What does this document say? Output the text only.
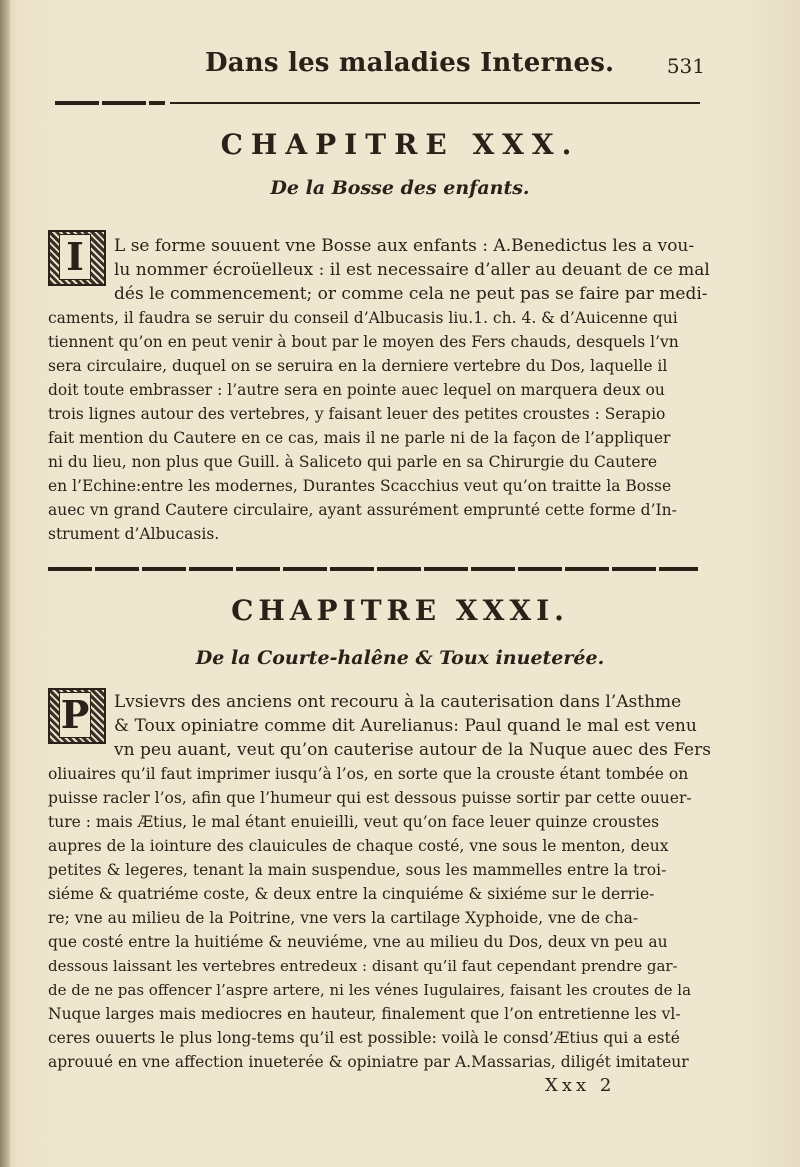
Dans les maladies Internes.	531
CHAPITRE XXX.
De la Bosse des enfants.
I	L se forme souuent vne Bosse aux enfants : A.Benedictus les a vou-
lu nommer écroüelleux : il est necessaire d’aller au deuant de ce mal
dés le commencement; or comme cela ne peut pas se faire par medi-
caments, il faudra se seruir du conseil d’Albucasis liu.1. ch. 4. & d’Auicenne qui
tiennent qu’on en peut venir à bout par le moyen des Fers chauds, desquels l’vn
sera circulaire, duquel on se seruira en la derniere vertebre du Dos, laquelle il
doit toute embrasser : l’autre sera en pointe auec lequel on marquera deux ou
trois lignes autour des vertebres, y faisant leuer des petites croustes : Serapio
fait mention du Cautere en ce cas, mais il ne parle ni de la façon de l’appliquer
ni du lieu, non plus que Guill. à Saliceto qui parle en sa Chirurgie du Cautere
en l’Echine:entre les modernes, Durantes Scacchius veut qu’on traitte la Bosse
auec vn grand Cautere circulaire, ayant assurément emprunté cette forme d’In-
strument d’Albucasis.
CHAPITRE XXXI.
De la Courte-halêne & Toux inueterée.
P Lvsievrs des anciens ont recouru à la cauterisation dans l’Asthme
& Toux opiniatre comme dit Aurelianus: Paul quand le mal est venu
vn peu auant, veut qu’on cauterise autour de la Nuque auec des Fers
oliuaires qu’il faut imprimer iusqu’à l’os, en sorte que la crouste étant tombée on
puisse racler l’os, afin que l’humeur qui est dessous puisse sortir par cette ouuer-
ture : mais Ætius, le mal étant enuieilli, veut qu’on face leuer quinze croustes
aupres de la iointure des clauicules de chaque costé, vne sous le menton, deux
petites & legeres, tenant la main suspendue, sous les mammelles entre la troi-
siéme & quatriéme coste, & deux entre la cinquiéme & sixiéme sur le derrie-
re; vne au milieu de la Poitrine, vne vers la cartilage Xyphoide, vne de cha-
que costé entre la huitiéme & neuviéme, vne au milieu du Dos, deux vn peu au
dessous laissant les vertebres entredeux : disant qu’il faut cependant prendre gar-
de de ne pas offencer l’aspre artere, ni les vénes Iugulaires, faisant les croutes de la
Nuque larges mais mediocres en hauteur, finalement que l’on entretienne les vl-
ceres ouuerts le plus long-tems qu’il est possible: voilà le consd’Ætius qui a esté
aprouué en vne affection inueterée & opiniatre par A.Massarias, diligét imitateur
Xxx 2
